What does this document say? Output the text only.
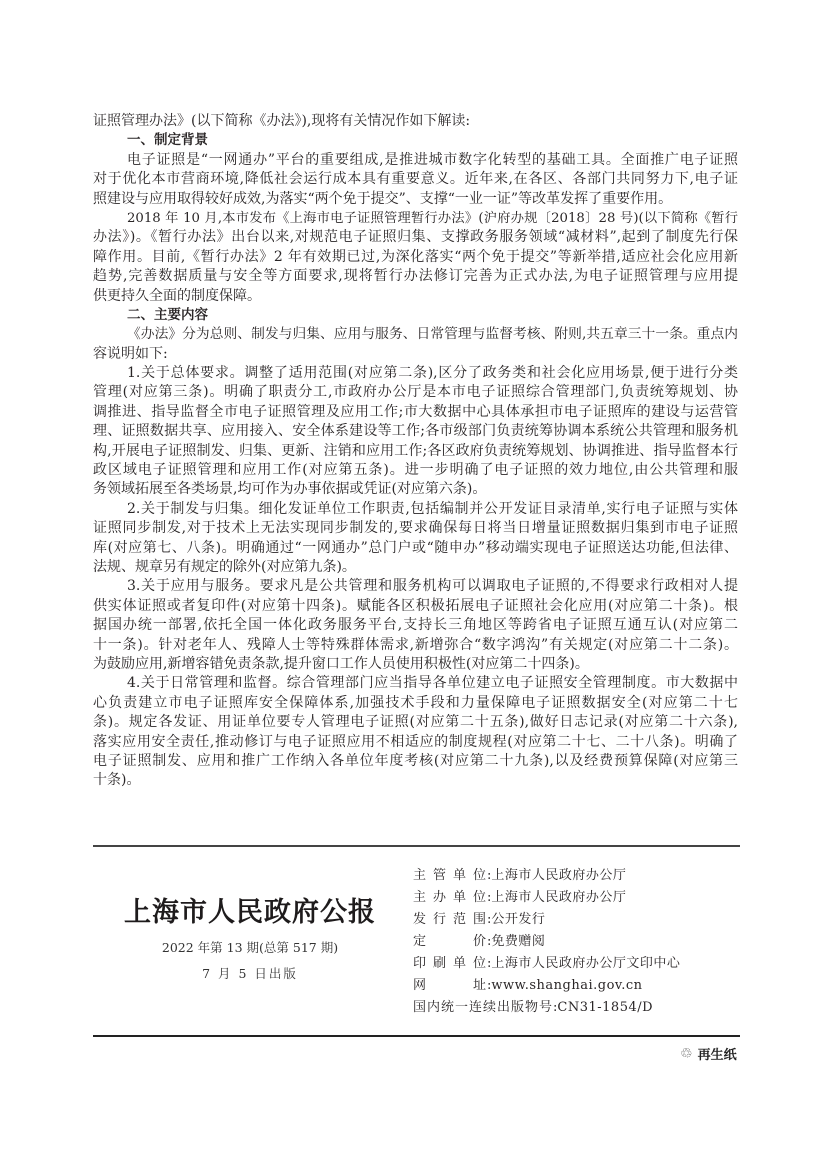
证照管理办法》(以下简称《办法》),现将有关情况作如下解读:
一、制定背景
电子证照是“一网通办”平台的重要组成,是推进城市数字化转型的基础工具。全面推广电子证照
对于优化本市营商环境,降低社会运行成本具有重要意义。近年来,在各区、各部门共同努力下,电子证
照建设与应用取得较好成效,为落实“两个免于提交”、支撑“一业一证”等改革发挥了重要作用。
2018 年 10 月,本市发布《上海市电子证照管理暂行办法》(沪府办规〔2018〕28 号)(以下简称《暂行
办法》)。《暂行办法》出台以来,对规范电子证照归集、支撑政务服务领域“减材料”,起到了制度先行保
障作用。目前,《暂行办法》2 年有效期已过,为深化落实“两个免于提交”等新举措,适应社会化应用新
趋势,完善数据质量与安全等方面要求,现将暂行办法修订完善为正式办法,为电子证照管理与应用提
供更持久全面的制度保障。
二、主要内容
《办法》分为总则、制发与归集、应用与服务、日常管理与监督考核、附则,共五章三十一条。重点内
容说明如下:
1.关于总体要求。调整了适用范围(对应第二条),区分了政务类和社会化应用场景,便于进行分类
管理(对应第三条)。明确了职责分工,市政府办公厅是本市电子证照综合管理部门,负责统筹规划、协
调推进、指导监督全市电子证照管理及应用工作;市大数据中心具体承担市电子证照库的建设与运营管
理、证照数据共享、应用接入、安全体系建设等工作;各市级部门负责统筹协调本系统公共管理和服务机
构,开展电子证照制发、归集、更新、注销和应用工作;各区政府负责统筹规划、协调推进、指导监督本行
政区域电子证照管理和应用工作(对应第五条)。进一步明确了电子证照的效力地位,由公共管理和服
务领域拓展至各类场景,均可作为办事依据或凭证(对应第六条)。
2.关于制发与归集。细化发证单位工作职责,包括编制并公开发证目录清单,实行电子证照与实体
证照同步制发,对于技术上无法实现同步制发的,要求确保每日将当日增量证照数据归集到市电子证照
库(对应第七、八条)。明确通过“一网通办”总门户或“随申办”移动端实现电子证照送达功能,但法律、
法规、规章另有规定的除外(对应第九条)。
3.关于应用与服务。要求凡是公共管理和服务机构可以调取电子证照的,不得要求行政相对人提
供实体证照或者复印件(对应第十四条)。赋能各区积极拓展电子证照社会化应用(对应第二十条)。根
据国办统一部署,依托全国一体化政务服务平台,支持长三角地区等跨省电子证照互通互认(对应第二
十一条)。针对老年人、残障人士等特殊群体需求,新增弥合“数字鸿沟”有关规定(对应第二十二条)。
为鼓励应用,新增容错免责条款,提升窗口工作人员使用积极性(对应第二十四条)。
4.关于日常管理和监督。综合管理部门应当指导各单位建立电子证照安全管理制度。市大数据中
心负责建立市电子证照库安全保障体系,加强技术手段和力量保障电子证照数据安全(对应第二十七
条)。规定各发证、用证单位要专人管理电子证照(对应第二十五条),做好日志记录(对应第二十六条),
落实应用安全责任,推动修订与电子证照应用不相适应的制度规程(对应第二十七、二十八条)。明确了
电子证照制发、应用和推广工作纳入各单位年度考核(对应第二十九条),以及经费预算保障(对应第三
十条)。
上海市人民政府公报
2022 年第 13 期(总第 517 期)
7 月 5 日出版
主管单位:上海市人民政府办公厅
主办单位:上海市人民政府办公厅
发行范围:公开发行
定价:免费赠阅
印刷单位:上海市人民政府办公厅文印中心
网址:www.shanghai.gov.cn
国内统一连续出版物号:CN31-1854/D
♲ 再生纸
